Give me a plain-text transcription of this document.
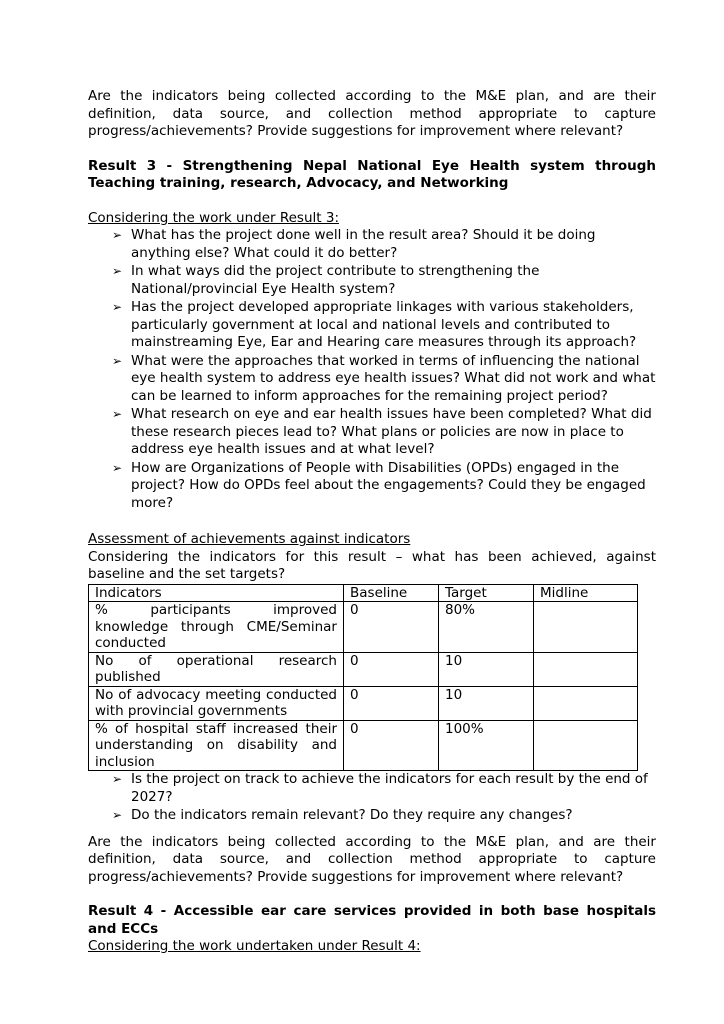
Are the indicators being collected according to the M&E plan, and are their definition, data source, and collection method appropriate to capture progress/achievements? Provide suggestions for improvement where relevant?

Result 3 - Strengthening Nepal National Eye Health system through Teaching training, research, Advocacy, and Networking

Considering the work under Result 3:

➢ What has the project done well in the result area? Should it be doing anything else? What could it do better?
➢ In what ways did the project contribute to strengthening the National/provincial Eye Health system?
➢ Has the project developed appropriate linkages with various stakeholders, particularly government at local and national levels and contributed to mainstreaming Eye, Ear and Hearing care measures through its approach?
➢ What were the approaches that worked in terms of influencing the national eye health system to address eye health issues? What did not work and what can be learned to inform approaches for the remaining project period?
➢ What research on eye and ear health issues have been completed? What did these research pieces lead to? What plans or policies are now in place to address eye health issues and at what level?
➢ How are Organizations of People with Disabilities (OPDs) engaged in the project? How do OPDs feel about the engagements? Could they be engaged more?

Assessment of achievements against indicators

Considering the indicators for this result – what has been achieved, against baseline and the set targets?

Indicators	Baseline	Target	Midline
% participants improved knowledge through CME/Seminar conducted	0	80%	
No of operational research published	0	10	
No of advocacy meeting conducted with provincial governments	0	10	
% of hospital staff increased their understanding on disability and inclusion	0	100%	
➢ Is the project on track to achieve the indicators for each result by the end of 2027?
➢ Do the indicators remain relevant? Do they require any changes?

Are the indicators being collected according to the M&E plan, and are their definition, data source, and collection method appropriate to capture progress/achievements? Provide suggestions for improvement where relevant?

Result 4 - Accessible ear care services provided in both base hospitals and ECCs

Considering the work undertaken under Result 4:
